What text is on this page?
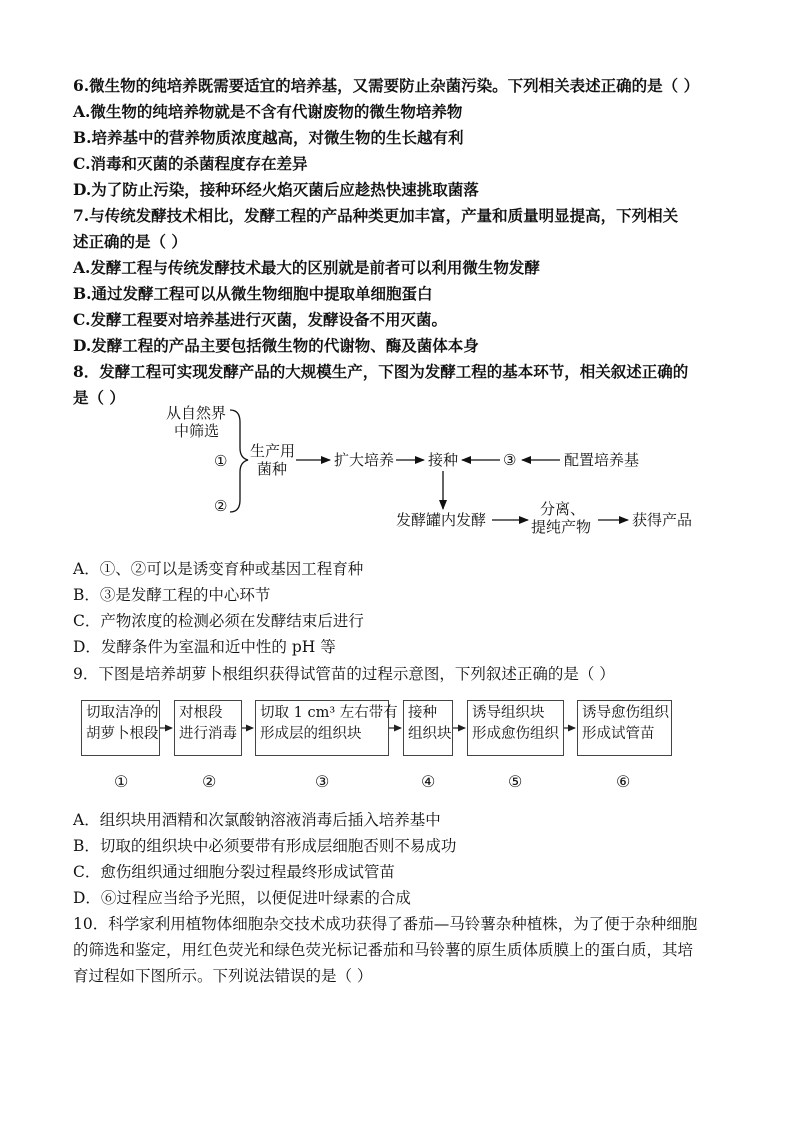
6.微生物的纯培养既需要适宜的培养基，又需要防止杂菌污染。下列相关表述正确的是（ ）
A.微生物的纯培养物就是不含有代谢废物的微生物培养物
B.培养基中的营养物质浓度越高，对微生物的生长越有利
C.消毒和灭菌的杀菌程度存在差异
D.为了防止污染，接种环经火焰灭菌后应趁热快速挑取菌落
7.与传统发酵技术相比，发酵工程的产品种类更加丰富，产量和质量明显提高，下列相关
述正确的是（ ）
A.发酵工程与传统发酵技术最大的区别就是前者可以利用微生物发酵
B.通过发酵工程可以从微生物细胞中提取单细胞蛋白
C.发酵工程要对培养基进行灭菌，发酵设备不用灭菌。
D.发酵工程的产品主要包括微生物的代谢物、酶及菌体本身
8．发酵工程可实现发酵产品的大规模生产，下图为发酵工程的基本环节，相关叙述正确的
是（ ）
从自然界
中筛选
①
②
生产用
菌种	扩大培养 接种	③	配置培养基
发酵罐内发酵
分离、
提纯产物	获得产品
A．①、②可以是诱变育种或基因工程育种
B．③是发酵工程的中心环节
C．产物浓度的检测必须在发酵结束后进行
D．发酵条件为室温和近中性的 pH 等
9．下图是培养胡萝卜根组织获得试管苗的过程示意图，下列叙述正确的是（ ）
切取洁净的
胡萝卜根段
对根段
进行消毒
切取 1 cm³ 左右带有
形成层的组织块
接种
组织块
诱导组织块
形成愈伤组织
诱导愈伤组织
形成试管苗
①	②	③	④	⑤	⑥
A．组织块用酒精和次氯酸钠溶液消毒后插入培养基中
B．切取的组织块中必须要带有形成层细胞否则不易成功
C．愈伤组织通过细胞分裂过程最终形成试管苗
D．⑥过程应当给予光照，以便促进叶绿素的合成
10．科学家利用植物体细胞杂交技术成功获得了番茄—马铃薯杂种植株，为了便于杂种细胞
的筛选和鉴定，用红色荧光和绿色荧光标记番茄和马铃薯的原生质体质膜上的蛋白质，其培
育过程如下图所示。下列说法错误的是（ ）
